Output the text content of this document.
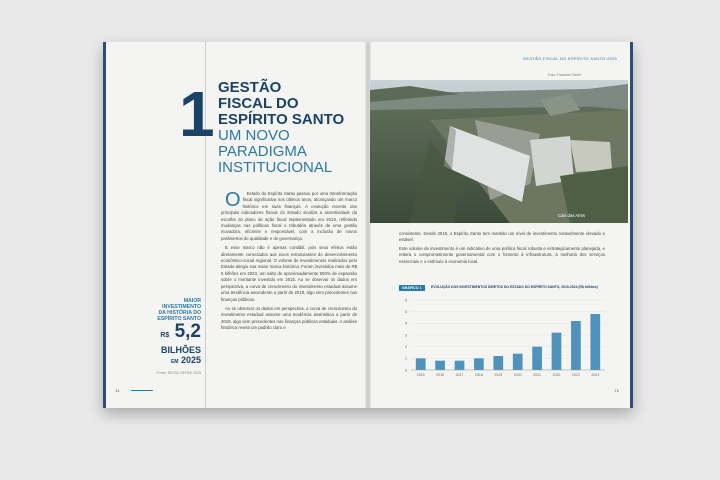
1 GESTÃO
FISCAL DO
ESPÍRITO SANTO
UM NOVO
PARADIGMA
INSTITUCIONAL

O Estado do Espírito Santo passou por uma transformação fiscal significativa nos últimos anos, alcançando um marco histórico em suas finanças. A evolução recente dos principais indicadores fiscais do Estado sinaliza a assertividade da escolha do plano de ação fiscal implementado em 2019, refletindo mudanças nas políticas fiscal e tributária através de uma gestão inovadora, eficiente e responsável, com a inclusão de novos parâmetros de qualidade e de governança.

E esse marco não é apenas contábil, pois seus efeitos estão diretamente conectados aos eixos estruturantes do desenvolvimento econômico-social regional. O volume de investimentos realizados pelo Estado atingiu sua maior marca histórica. Foram investidos mais de R$ 5 bilhões em 2023, um salto de aproximadamente 500% de expansão sobre o montante investido em 2015. Ao se observar os dados em perspectiva, a curva de crescimento do investimento estadual assume uma tendência ascendente a partir de 2019, algo sem precedentes nas finanças públicas.

Ao se observar os dados em perspectiva, a curva de crescimento do investimento estadual assume uma tendência assintótica a partir de 2019, algo sem precedentes nas finanças públicas estaduais. A análise histórica revela um padrão claro e

MAIOR
INVESTIMENTO
DA HISTÓRIA DO
ESPÍRITO SANTO
R$ 5,2
BILHÕES
EM 2025
Fonte: SEFAZ-SEPAE 2025
14
GESTÃO FISCAL DO ESPÍRITO SANTO 2025
Foto: Francisco Sinler
Cais das Artes

consistente. Desde 2019, o Espírito Santo tem mantido um nível de investimento notavelmente elevado e estável.

Este volume de investimento é um indicativo de uma política fiscal robusta e estrategicamente planejada, e reitera o comprometimento governamental com o fomento à infraestrutura, à melhoria dos serviços essenciais e o estímulo à economia local.

GRÁFICO 1	EVOLUÇÃO DOS INVESTIMENTOS DIRETOS DO ESTADO DO ESPÍRITO SANTO, 2015-2024 (R$ bilhões)
0
1
2
3
4
5
6
2015	2016	2017	2018	2019	2020	2021	2022	2023	2024
15
